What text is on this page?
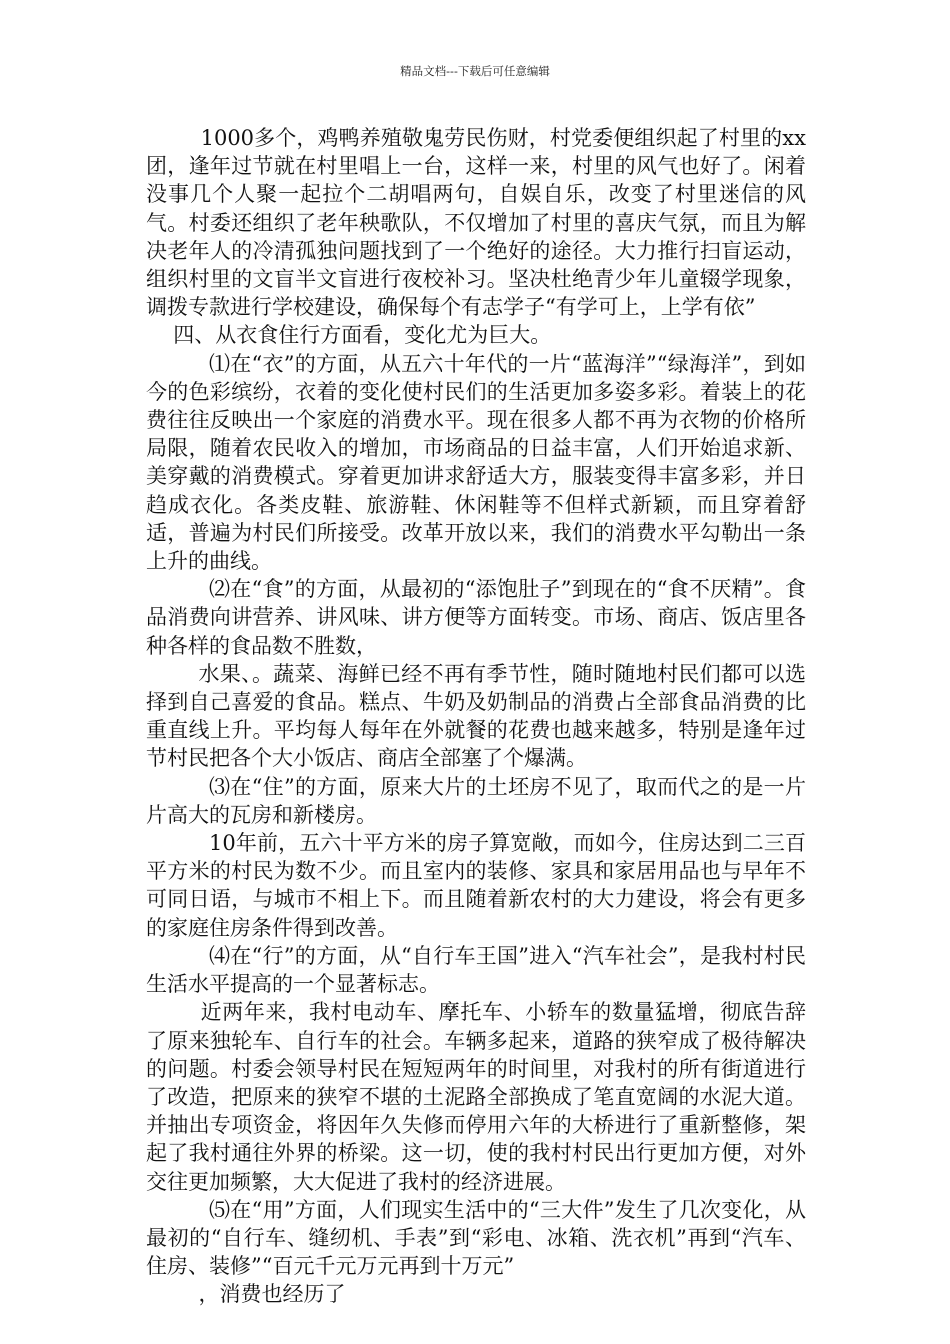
精品文档---下载后可任意编辑

1000多个，鸡鸭养殖敬鬼劳民伤财，村党委便组织起了村里的xx团，逢年过节就在村里唱上一台，这样一来，村里的风气也好了。闲着没事几个人聚一起拉个二胡唱两句，自娱自乐，改变了村里迷信的风气。村委还组织了老年秧歌队，不仅增加了村里的喜庆气氛，而且为解决老年人的冷清孤独问题找到了一个绝好的途径。大力推行扫盲运动，组织村里的文盲半文盲进行夜校补习。坚决杜绝青少年儿童辍学现象，调拨专款进行学校建设，确保每个有志学子“有学可上，上学有依”

四、从衣食住行方面看，变化尤为巨大。

⑴在“衣”的方面，从五六十年代的一片“蓝海洋”“绿海洋”，到如今的色彩缤纷，衣着的变化使村民们的生活更加多姿多彩。着装上的花费往往反映出一个家庭的消费水平。现在很多人都不再为衣物的价格所局限，随着农民收入的增加，市场商品的日益丰富，人们开始追求新、美穿戴的消费模式。穿着更加讲求舒适大方，服装变得丰富多彩，并日趋成衣化。各类皮鞋、旅游鞋、休闲鞋等不但样式新颖，而且穿着舒适，普遍为村民们所接受。改革开放以来，我们的消费水平勾勒出一条上升的曲线。

⑵在“食”的方面，从最初的“添饱肚子”到现在的“食不厌精”。食品消费向讲营养、讲风味、讲方便等方面转变。市场、商店、饭店里各种各样的食品数不胜数，

水果、。蔬菜、海鲜已经不再有季节性，随时随地村民们都可以选择到自己喜爱的食品。糕点、牛奶及奶制品的消费占全部食品消费的比重直线上升。平均每人每年在外就餐的花费也越来越多，特别是逢年过节村民把各个大小饭店、商店全部塞了个爆满。

⑶在“住”的方面，原来大片的土坯房不见了，取而代之的是一片片高大的瓦房和新楼房。

10年前，五六十平方米的房子算宽敞，而如今，住房达到二三百平方米的村民为数不少。而且室内的装修、家具和家居用品也与早年不可同日语，与城市不相上下。而且随着新农村的大力建设，将会有更多的家庭住房条件得到改善。

⑷在“行”的方面，从“自行车王国”进入“汽车社会”，是我村村民生活水平提高的一个显著标志。

近两年来，我村电动车、摩托车、小轿车的数量猛增，彻底告辞了原来独轮车、自行车的社会。车辆多起来，道路的狭窄成了极待解决的问题。村委会领导村民在短短两年的时间里，对我村的所有街道进行了改造，把原来的狭窄不堪的土泥路全部换成了笔直宽阔的水泥大道。并抽出专项资金，将因年久失修而停用六年的大桥进行了重新整修，架起了我村通往外界的桥梁。这一切，使的我村村民出行更加方便，对外交往更加频繁，大大促进了我村的经济进展。

⑸在“用”方面，人们现实生活中的“三大件”发生了几次变化，从最初的“自行车、缝纫机、手表”到“彩电、冰箱、洗衣机”再到“汽车、住房、装修”“百元千元万元再到十万元”

，消费也经历了
